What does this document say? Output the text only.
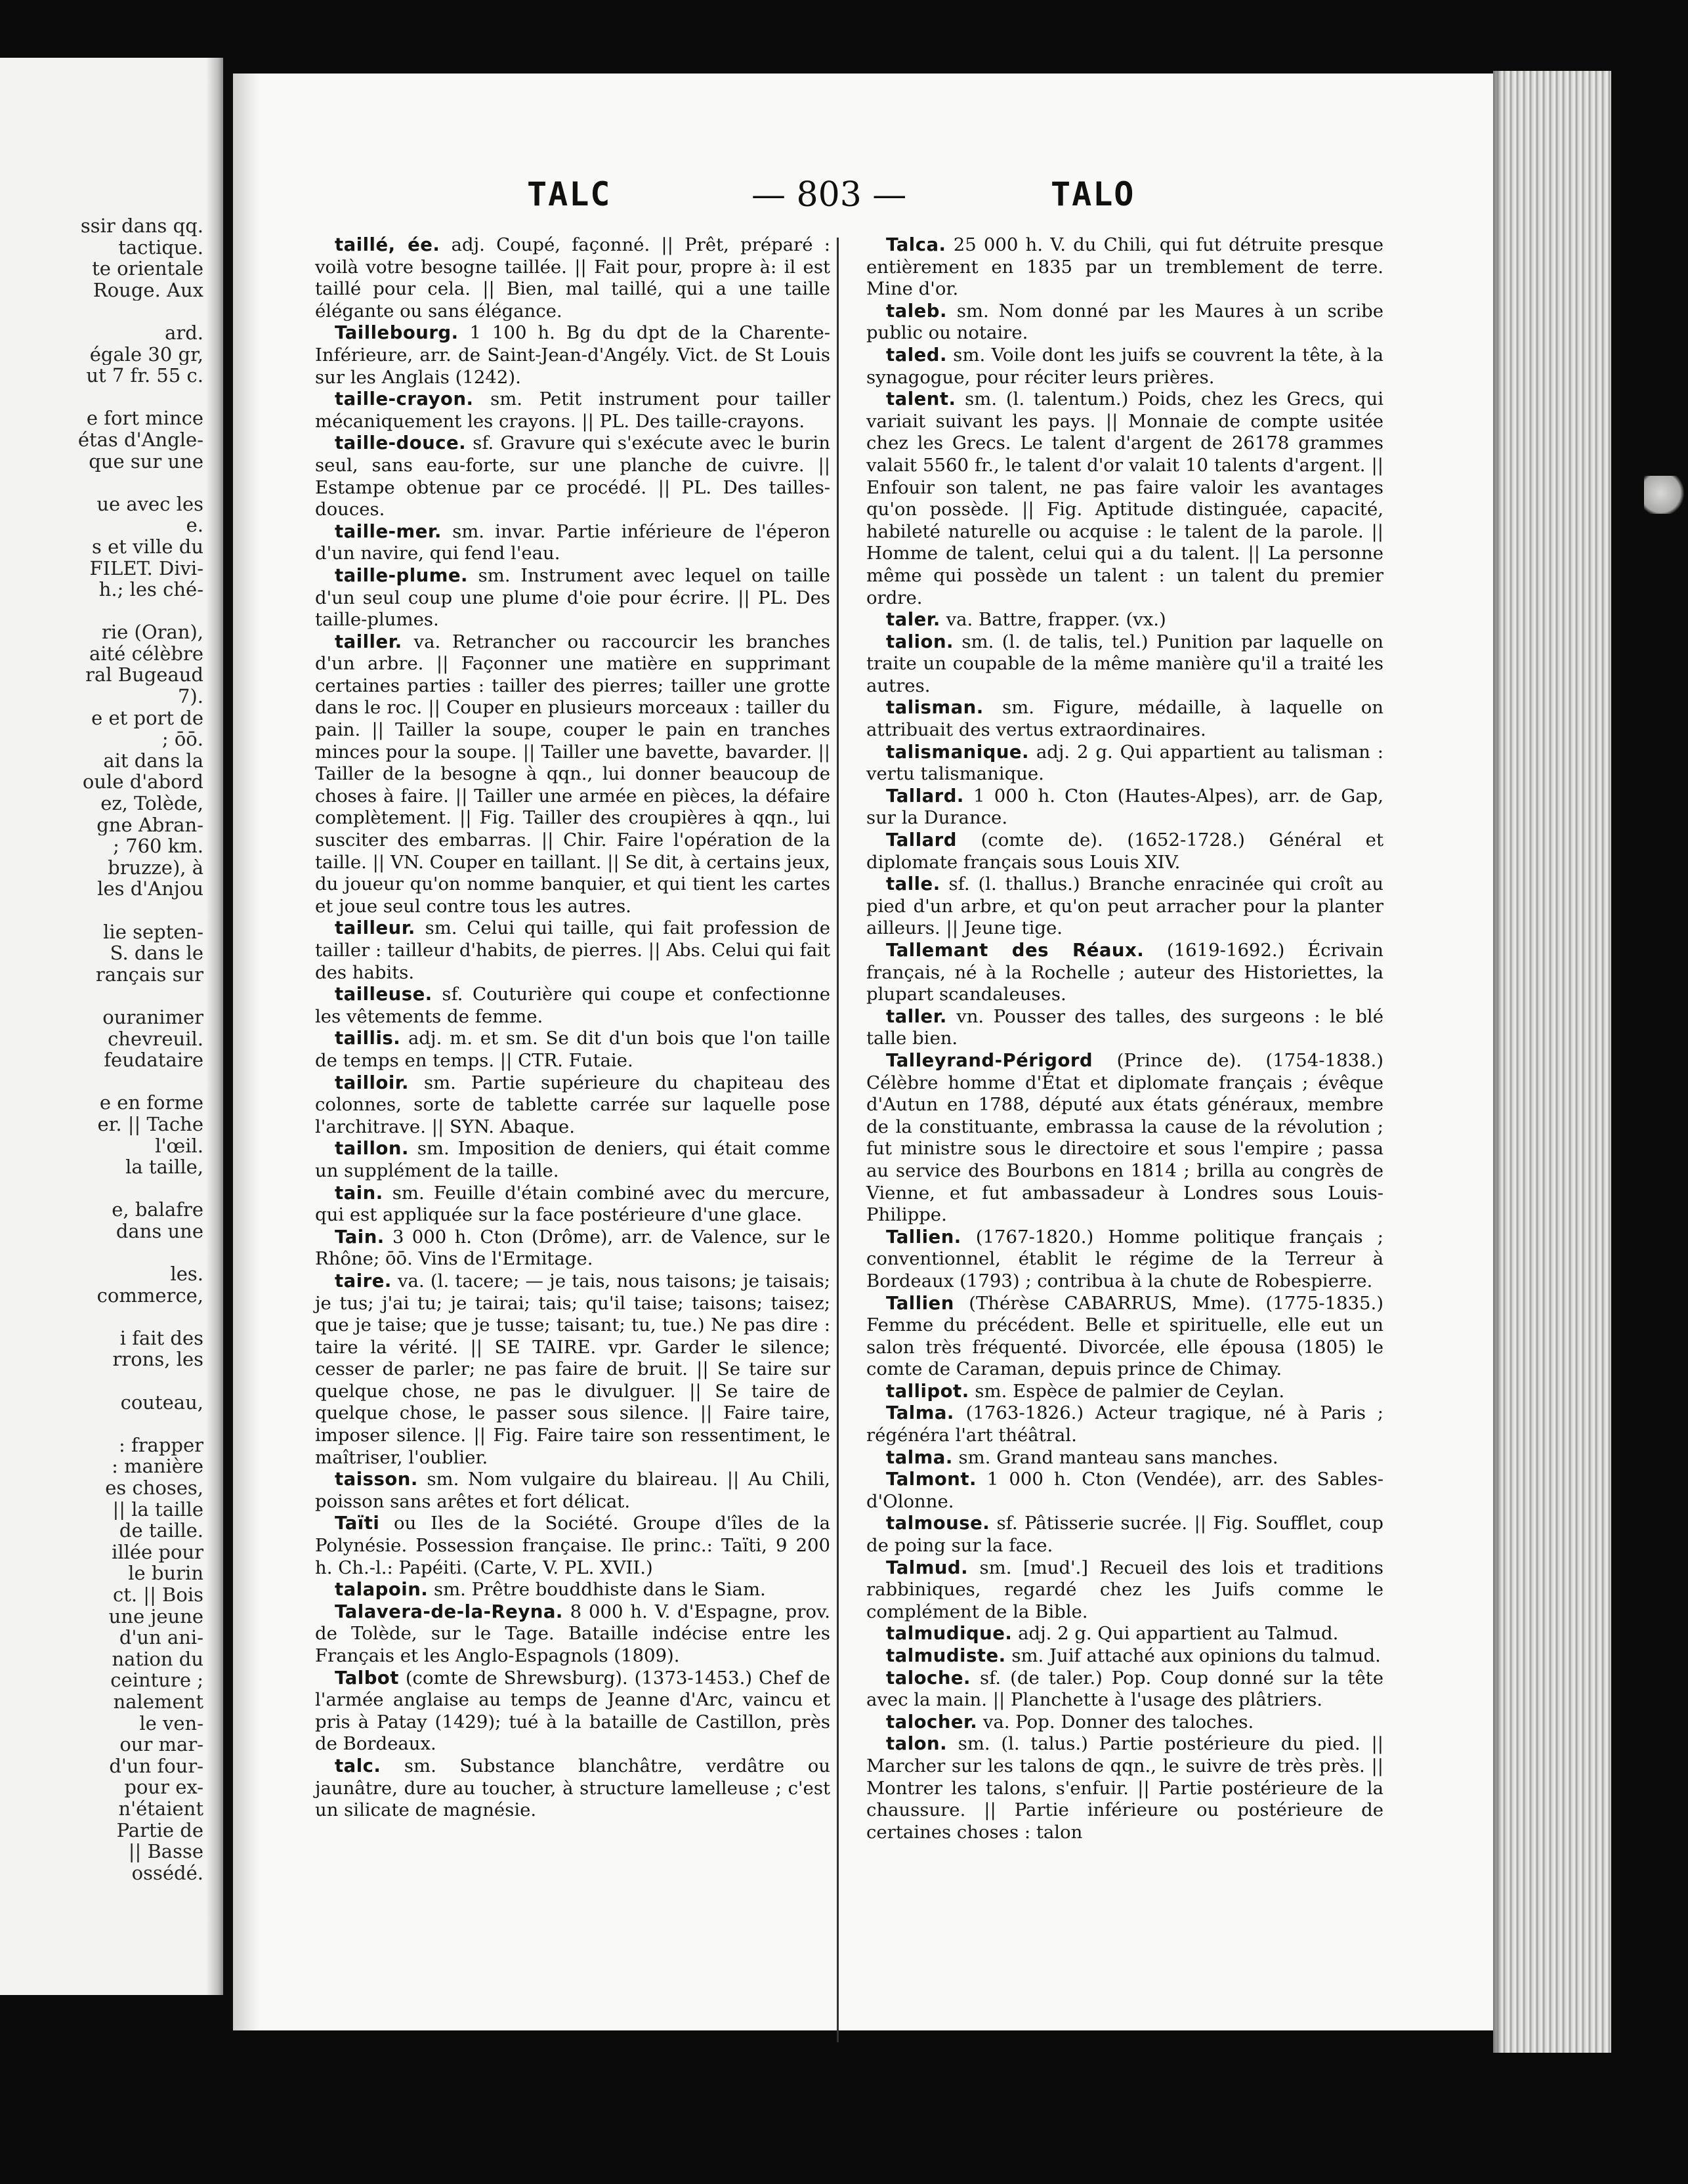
ssir dans qq.
tactique.
te orientale
Rouge. Aux
ard.
égale 30 gr,
ut 7 fr. 55 c.
e fort mince
étas d'Angle-
que sur une
ue avec les
e.
s et ville du
FILET. Divi-
h.; les ché-
rie (Oran),
aité célèbre
ral Bugeaud
7).
e et port de
; ōō.
ait dans la
oule d'abord
ez, Tolède,
gne Abran-
; 760 km.
bruzze), à
les d'Anjou
lie septen-
S. dans le
rançais sur
ouranimer
chevreuil.
feudataire
e en forme
er. || Tache
l'œil.
la taille,
e, balafre
dans une
les.
commerce,
i fait des
rrons, les
couteau,
: frapper
: manière
es choses,
|| la taille
de taille.
illée pour
le burin
ct. || Bois
une jeune
d'un ani-
nation du
ceinture ;
nalement
le ven-
our mar-
d'un four-
pour ex-
n'étaient
Partie de
|| Basse
ossédé.
TALC	— 803 —	TALO

taillé, ée. adj. Coupé, façonné. || Prêt, préparé : voilà votre besogne taillée. || Fait pour, propre à: il est taillé pour cela. || Bien, mal taillé, qui a une taille élégante ou sans élégance.

Taillebourg. 1 100 h. Bg du dpt de la Charente-Inférieure, arr. de Saint-Jean-d'Angély. Vict. de St Louis sur les Anglais (1242).

taille-crayon. sm. Petit instrument pour tailler mécaniquement les crayons. || PL. Des taille-crayons.

taille-douce. sf. Gravure qui s'exécute avec le burin seul, sans eau-forte, sur une planche de cuivre. || Estampe obtenue par ce procédé. || PL. Des tailles-douces.

taille-mer. sm. invar. Partie inférieure de l'éperon d'un navire, qui fend l'eau.

taille-plume. sm. Instrument avec lequel on taille d'un seul coup une plume d'oie pour écrire. || PL. Des taille-plumes.

tailler. va. Retrancher ou raccourcir les branches d'un arbre. || Façonner une matière en supprimant certaines parties : tailler des pierres; tailler une grotte dans le roc. || Couper en plusieurs morceaux : tailler du pain. || Tailler la soupe, couper le pain en tranches minces pour la soupe. || Tailler une bavette, bavarder. || Tailler de la besogne à qqn., lui donner beaucoup de choses à faire. || Tailler une armée en pièces, la défaire complètement. || Fig. Tailler des croupières à qqn., lui susciter des embarras. || Chir. Faire l'opération de la taille. || VN. Couper en taillant. || Se dit, à certains jeux, du joueur qu'on nomme banquier, et qui tient les cartes et joue seul contre tous les autres.

tailleur. sm. Celui qui taille, qui fait profession de tailler : tailleur d'habits, de pierres. || Abs. Celui qui fait des habits.

tailleuse. sf. Couturière qui coupe et confectionne les vêtements de femme.

taillis. adj. m. et sm. Se dit d'un bois que l'on taille de temps en temps. || CTR. Futaie.

tailloir. sm. Partie supérieure du chapiteau des colonnes, sorte de tablette carrée sur laquelle pose l'architrave. || SYN. Abaque.

taillon. sm. Imposition de deniers, qui était comme un supplément de la taille.

tain. sm. Feuille d'étain combiné avec du mercure, qui est appliquée sur la face postérieure d'une glace.

Tain. 3 000 h. Cton (Drôme), arr. de Valence, sur le Rhône; ōō. Vins de l'Ermitage.

taire. va. (l. tacere; — je tais, nous taisons; je taisais; je tus; j'ai tu; je tairai; tais; qu'il taise; taisons; taisez; que je taise; que je tusse; taisant; tu, tue.) Ne pas dire : taire la vérité. || SE TAIRE. vpr. Garder le silence; cesser de parler; ne pas faire de bruit. || Se taire sur quelque chose, ne pas le divulguer. || Se taire de quelque chose, le passer sous silence. || Faire taire, imposer silence. || Fig. Faire taire son ressentiment, le maîtriser, l'oublier.

taisson. sm. Nom vulgaire du blaireau. || Au Chili, poisson sans arêtes et fort délicat.

Taïti ou Iles de la Société. Groupe d'îles de la Polynésie. Possession française. Ile princ.: Taïti, 9 200 h. Ch.-l.: Papéiti. (Carte, V. PL. XVII.)

talapoin. sm. Prêtre bouddhiste dans le Siam.

Talavera-de-la-Reyna. 8 000 h. V. d'Espagne, prov. de Tolède, sur le Tage. Bataille indécise entre les Français et les Anglo-Espagnols (1809).

Talbot (comte de Shrewsburg). (1373-1453.) Chef de l'armée anglaise au temps de Jeanne d'Arc, vaincu et pris à Patay (1429); tué à la bataille de Castillon, près de Bordeaux.

talc. sm. Substance blanchâtre, verdâtre ou jaunâtre, dure au toucher, à structure lamelleuse ; c'est un silicate de magnésie.

Talca. 25 000 h. V. du Chili, qui fut détruite presque entièrement en 1835 par un tremblement de terre. Mine d'or.

taleb. sm. Nom donné par les Maures à un scribe public ou notaire.

taled. sm. Voile dont les juifs se couvrent la tête, à la synagogue, pour réciter leurs prières.

talent. sm. (l. talentum.) Poids, chez les Grecs, qui variait suivant les pays. || Monnaie de compte usitée chez les Grecs. Le talent d'argent de 26178 grammes valait 5560 fr., le talent d'or valait 10 talents d'argent. || Enfouir son talent, ne pas faire valoir les avantages qu'on possède. || Fig. Aptitude distinguée, capacité, habileté naturelle ou acquise : le talent de la parole. || Homme de talent, celui qui a du talent. || La personne même qui possède un talent : un talent du premier ordre.

taler. va. Battre, frapper. (vx.)

talion. sm. (l. de talis, tel.) Punition par laquelle on traite un coupable de la même manière qu'il a traité les autres.

talisman. sm. Figure, médaille, à laquelle on attribuait des vertus extraordinaires.

talismanique. adj. 2 g. Qui appartient au talisman : vertu talismanique.

Tallard. 1 000 h. Cton (Hautes-Alpes), arr. de Gap, sur la Durance.

Tallard (comte de). (1652-1728.) Général et diplomate français sous Louis XIV.

talle. sf. (l. thallus.) Branche enracinée qui croît au pied d'un arbre, et qu'on peut arracher pour la planter ailleurs. || Jeune tige.

Tallemant des Réaux. (1619-1692.) Écrivain français, né à la Rochelle ; auteur des Historiettes, la plupart scandaleuses.

taller. vn. Pousser des talles, des surgeons : le blé talle bien.

Talleyrand-Périgord (Prince de). (1754-1838.) Célèbre homme d'État et diplomate français ; évêque d'Autun en 1788, député aux états généraux, membre de la constituante, embrassa la cause de la révolution ; fut ministre sous le directoire et sous l'empire ; passa au service des Bourbons en 1814 ; brilla au congrès de Vienne, et fut ambassadeur à Londres sous Louis-Philippe.

Tallien. (1767-1820.) Homme politique français ; conventionnel, établit le régime de la Terreur à Bordeaux (1793) ; contribua à la chute de Robespierre.

Tallien (Thérèse CABARRUS, Mme). (1775-1835.) Femme du précédent. Belle et spirituelle, elle eut un salon très fréquenté. Divorcée, elle épousa (1805) le comte de Caraman, depuis prince de Chimay.

tallipot. sm. Espèce de palmier de Ceylan.

Talma. (1763-1826.) Acteur tragique, né à Paris ; régénéra l'art théâtral.

talma. sm. Grand manteau sans manches.

Talmont. 1 000 h. Cton (Vendée), arr. des Sables-d'Olonne.

talmouse. sf. Pâtisserie sucrée. || Fig. Soufflet, coup de poing sur la face.

Talmud. sm. [mud'.] Recueil des lois et traditions rabbiniques, regardé chez les Juifs comme le complément de la Bible.

talmudique. adj. 2 g. Qui appartient au Talmud.

talmudiste. sm. Juif attaché aux opinions du talmud.

taloche. sf. (de taler.) Pop. Coup donné sur la tête avec la main. || Planchette à l'usage des plâtriers.

talocher. va. Pop. Donner des taloches.

talon. sm. (l. talus.) Partie postérieure du pied. || Marcher sur les talons de qqn., le suivre de très près. || Montrer les talons, s'enfuir. || Partie postérieure de la chaussure. || Partie inférieure ou postérieure de certaines choses : talon
